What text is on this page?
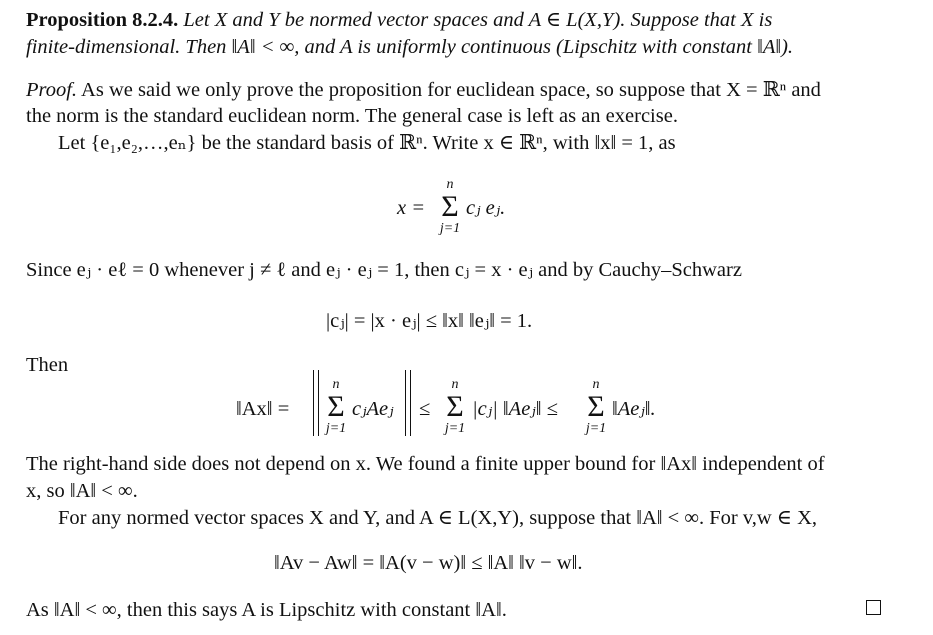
Proposition 8.2.4. Let X and Y be normed vector spaces and A ∈ L(X,Y). Suppose that X is
finite-dimensional. Then ‖A‖ < ∞, and A is uniformly continuous (Lipschitz with constant ‖A‖).
Proof. As we said we only prove the proposition for euclidean space, so suppose that X = ℝⁿ and
the norm is the standard euclidean norm. The general case is left as an exercise.
Let {e₁,e₂,…,eₙ} be the standard basis of ℝⁿ. Write x ∈ ℝⁿ, with ‖x‖ = 1, as
x =
n
Σ
j=1
cⱼ eⱼ.
Since eⱼ · eℓ = 0 whenever j ≠ ℓ and eⱼ · eⱼ = 1, then cⱼ = x · eⱼ and by Cauchy–Schwarz
|cⱼ| = |x · eⱼ| ≤ ‖x‖ ‖eⱼ‖ = 1.
Then
‖Ax‖ =
n
Σ
j=1
cⱼAeⱼ ≤
n
Σ
j=1
|cⱼ| ‖Aeⱼ‖ ≤
n
Σ
j=1
‖Aeⱼ‖.
The right-hand side does not depend on x. We found a finite upper bound for ‖Ax‖ independent of
x, so ‖A‖ < ∞.
For any normed vector spaces X and Y, and A ∈ L(X,Y), suppose that ‖A‖ < ∞. For v,w ∈ X,
‖Av − Aw‖ = ‖A(v − w)‖ ≤ ‖A‖ ‖v − w‖.
As ‖A‖ < ∞, then this says A is Lipschitz with constant ‖A‖.
